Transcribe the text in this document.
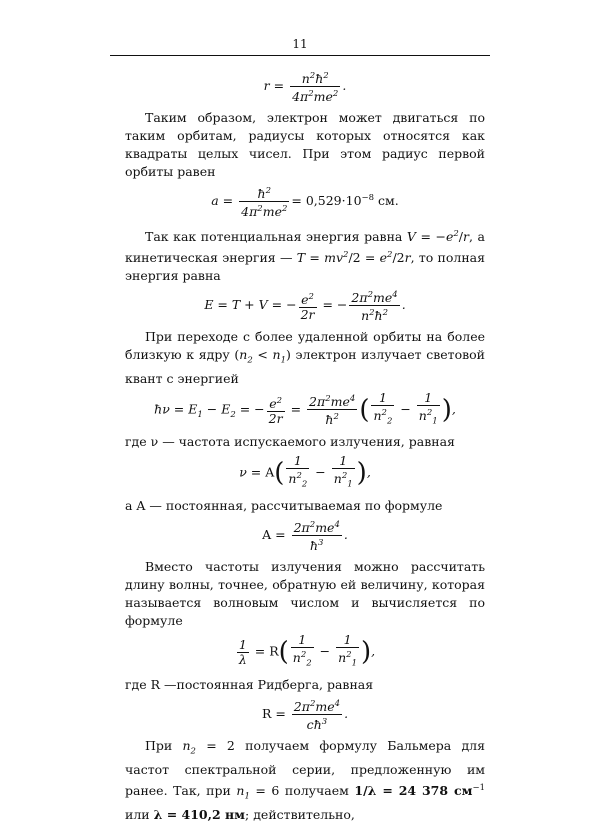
11
$r = \frac{n^2ħ^2}{4\pi^2me^2}$ .

Таким образом, электрон может двигаться по таким орбитам, радиусы которых относятся как квадраты целых чисел. При этом радиус первой орбиты равен

$a = \frac{ħ^2}{4\pi^2me^2} = 0,529\cdot 10^{-8}$ см.

Так как потенциальная энергия равна $V = -e^2/r$, а кинетическая энергия — $T = mv^2/2 = e^2/2r$, то полная энергия равна

E = T + V = − $\frac{e^2}{2r}$ = − $\frac{2\pi^2me^4}{n^2ħ^2}$ .

При переходе с более удаленной орбиты на более близкую к ядру $(n_2 < n_1)$ электрон излучает световой квант с энергией

ħν = $E_1 - E_2$ = − $\frac{e^2}{2r} = \frac{2\pi^2me^4}{ħ^2}$ ( $\frac{1}{n^2_2} - \frac{1}{n^2_1}$ ),

где ν — частота испускаемого излучения, равная

$\nu = A( \frac{1}{n^2_2} - \frac{1}{n^2_1}$ ),

а A — постоянная, рассчитываемая по формуле

$A = \frac{2\pi^2me^4}{ħ^3}$ .

Вместо частоты излучения можно рассчитать длину волны, точнее, обратную ей величину, которая называется волновым числом и вычисляется по формуле

$\frac{1}{\lambda} = R( \frac{1}{n^2_2} - \frac{1}{n^2_1}$ ),

где R —постоянная Ридберга, равная

$R = \frac{2\pi^2me^4}{cħ^3}$ .

При $n_2 = 2$ получаем формулу Бальмера для частот спектральной серии, предложенную им ранее. Так, при $n_1 = 6$ получаем 1/λ = 24 378 $см^{-1}$ или λ = 410,2 нм; действительно,
